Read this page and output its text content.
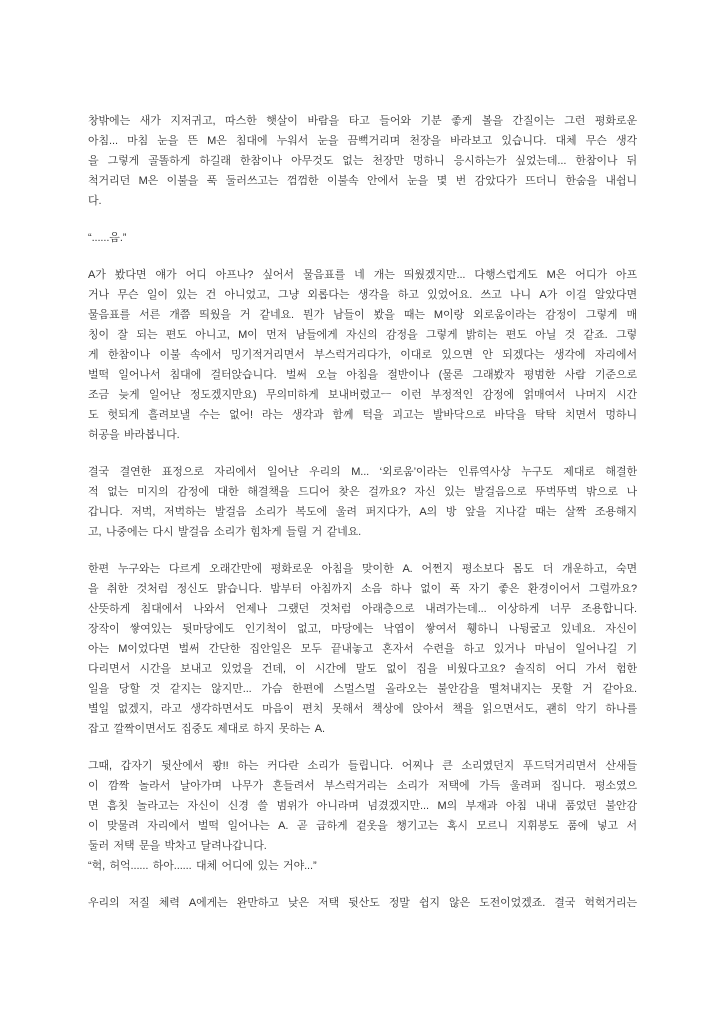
창밖에는 새가 지저귀고, 따스한 햇살이 바람을 타고 들어와 기분 좋게 볼을 간질이는 그런 평화로운
아침... 마침 눈을 뜬 M은 침대에 누워서 눈을 끔뻑거리며 천장을 바라보고 있습니다. 대체 무슨 생각
을 그렇게 골똘하게 하길래 한참이나 아무것도 없는 천장만 멍하니 응시하는가 싶었는데... 한참이나 뒤
척거리던 M은 이불을 푹 둘러쓰고는 껌껌한 이불속 안에서 눈을 몇 번 감았다가 뜨더니 한숨을 내쉽니
다.
“......음.”
A가 봤다면 얘가 어디 아프나? 싶어서 물음표를 네 개는 띄웠겠지만... 다행스럽게도 M은 어디가 아프
거나 무슨 일이 있는 건 아니었고, 그냥 외롭다는 생각을 하고 있었어요. 쓰고 나니 A가 이걸 알았다면
물음표를 서른 개쯤 띄웠을 거 같네요. 뭔가 남들이 봤을 때는 M이랑 외로움이라는 감정이 그렇게 매
칭이 잘 되는 편도 아니고, M이 먼저 남들에게 자신의 감정을 그렇게 밝히는 편도 아닐 것 같죠. 그렇
게 한참이나 이불 속에서 밍기적거리면서 부스럭거리다가, 이대로 있으면 안 되겠다는 생각에 자리에서
벌떡 일어나서 침대에 걸터앉습니다. 벌써 오늘 아침을 절반이나 (물론 그래봤자 평범한 사람 기준으로
조금 늦게 일어난 정도겠지만요) 무의미하게 보내버렸고ㅡ 이런 부정적인 감정에 얽매여서 나머지 시간
도 헛되게 흘려보낼 수는 없어! 라는 생각과 함께 턱을 괴고는 발바닥으로 바닥을 탁탁 치면서 멍하니
허공을 바라봅니다.
결국 결연한 표정으로 자리에서 일어난 우리의 M... ‘외로움’이라는 인류역사상 누구도 제대로 해결한
적 없는 미지의 감정에 대한 해결책을 드디어 찾은 걸까요? 자신 있는 발걸음으로 뚜벅뚜벅 밖으로 나
갑니다. 저벅, 저벅하는 발걸음 소리가 복도에 울려 퍼지다가, A의 방 앞을 지나갈 때는 살짝 조용해지
고, 나중에는 다시 발걸음 소리가 힘차게 들릴 거 같네요.
한편 누구와는 다르게 오래간만에 평화로운 아침을 맞이한 A. 어쩐지 평소보다 몸도 더 개운하고, 숙면
을 취한 것처럼 정신도 맑습니다. 밤부터 아침까지 소음 하나 없이 푹 자기 좋은 환경이어서 그럴까요?
산뜻하게 침대에서 나와서 언제나 그랬던 것처럼 아래층으로 내려가는데... 이상하게 너무 조용합니다.
장작이 쌓여있는 뒷마당에도 인기척이 없고, 마당에는 낙엽이 쌓여서 휑하니 나뒹굴고 있네요. 자신이
아는 M이었다면 벌써 간단한 집안일은 모두 끝내놓고 혼자서 수련을 하고 있거나 마님이 일어나길 기
다리면서 시간을 보내고 있었을 건데, 이 시간에 말도 없이 집을 비웠다고요? 솔직히 어디 가서 험한
일을 당할 것 같지는 않지만... 가슴 한편에 스멀스멀 올라오는 불안감을 떨쳐내지는 못할 거 같아요.
별일 없겠지, 라고 생각하면서도 마음이 편치 못해서 책상에 앉아서 책을 읽으면서도, 괜히 악기 하나를
잡고 깔짝이면서도 집중도 제대로 하지 못하는 A.
그때, 갑자기 뒷산에서 쾅!! 하는 커다란 소리가 들립니다. 어찌나 큰 소리였던지 푸드덕거리면서 산새들
이 깜짝 놀라서 날아가며 나무가 흔들려서 부스럭거리는 소리가 저택에 가득 울려퍼 집니다. 평소였으
면 흠칫 놀라고는 자신이 신경 쓸 범위가 아니라며 넘겼겠지만... M의 부재과 아침 내내 품었던 불안감
이 맞물려 자리에서 벌떡 일어나는 A. 곧 급하게 겉옷을 챙기고는 혹시 모르니 지휘봉도 품에 넣고 서
둘러 저택 문을 박차고 달려나갑니다.
“헉, 허억...... 하아...... 대체 어디에 있는 거야...”
우리의 저질 체력 A에게는 완만하고 낮은 저택 뒷산도 정말 쉽지 않은 도전이었겠죠. 결국 헉헉거리는
